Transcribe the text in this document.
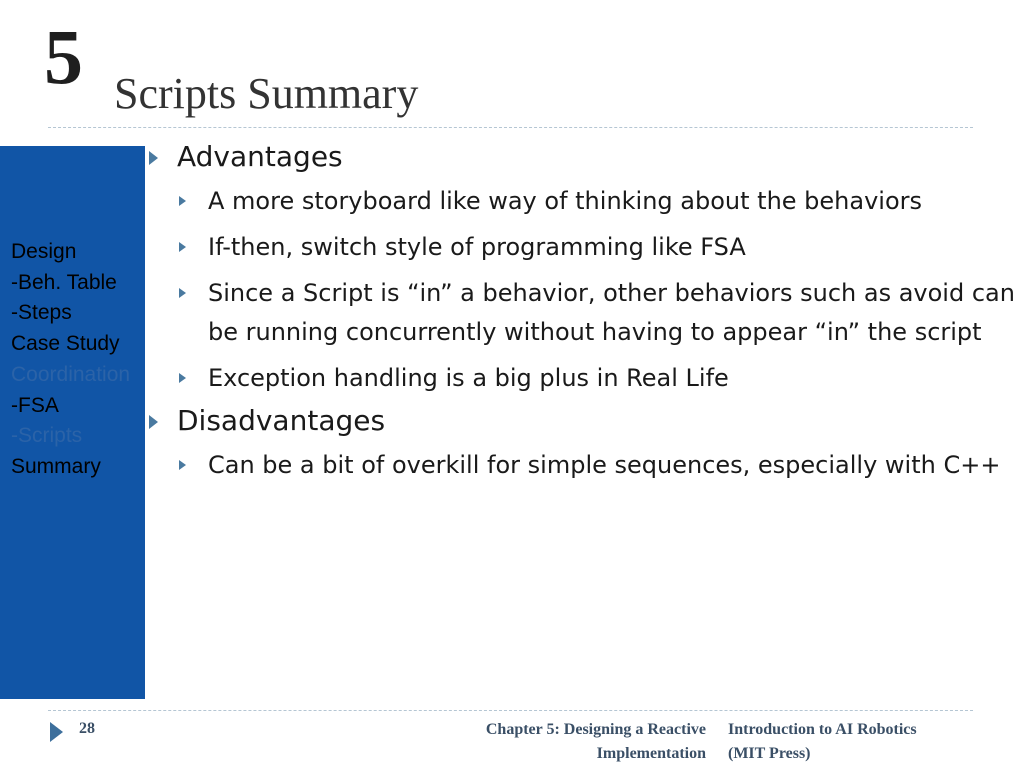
5 Scripts Summary
Design
-Beh. Table
-Steps
Case Study
Coordination
-FSA
-Scripts
Summary
Advantages
A more storyboard like way of thinking about the behaviors
If-then, switch style of programming like FSA
Since a Script is “in” a behavior, other behaviors such as avoid can be running concurrently without having to appear “in” the script
Exception handling is a big plus in Real Life
Disadvantages
Can be a bit of overkill for simple sequences, especially with C++
28	Chapter 5: Designing a Reactive
Implementation
Introduction to AI Robotics
(MIT Press)
